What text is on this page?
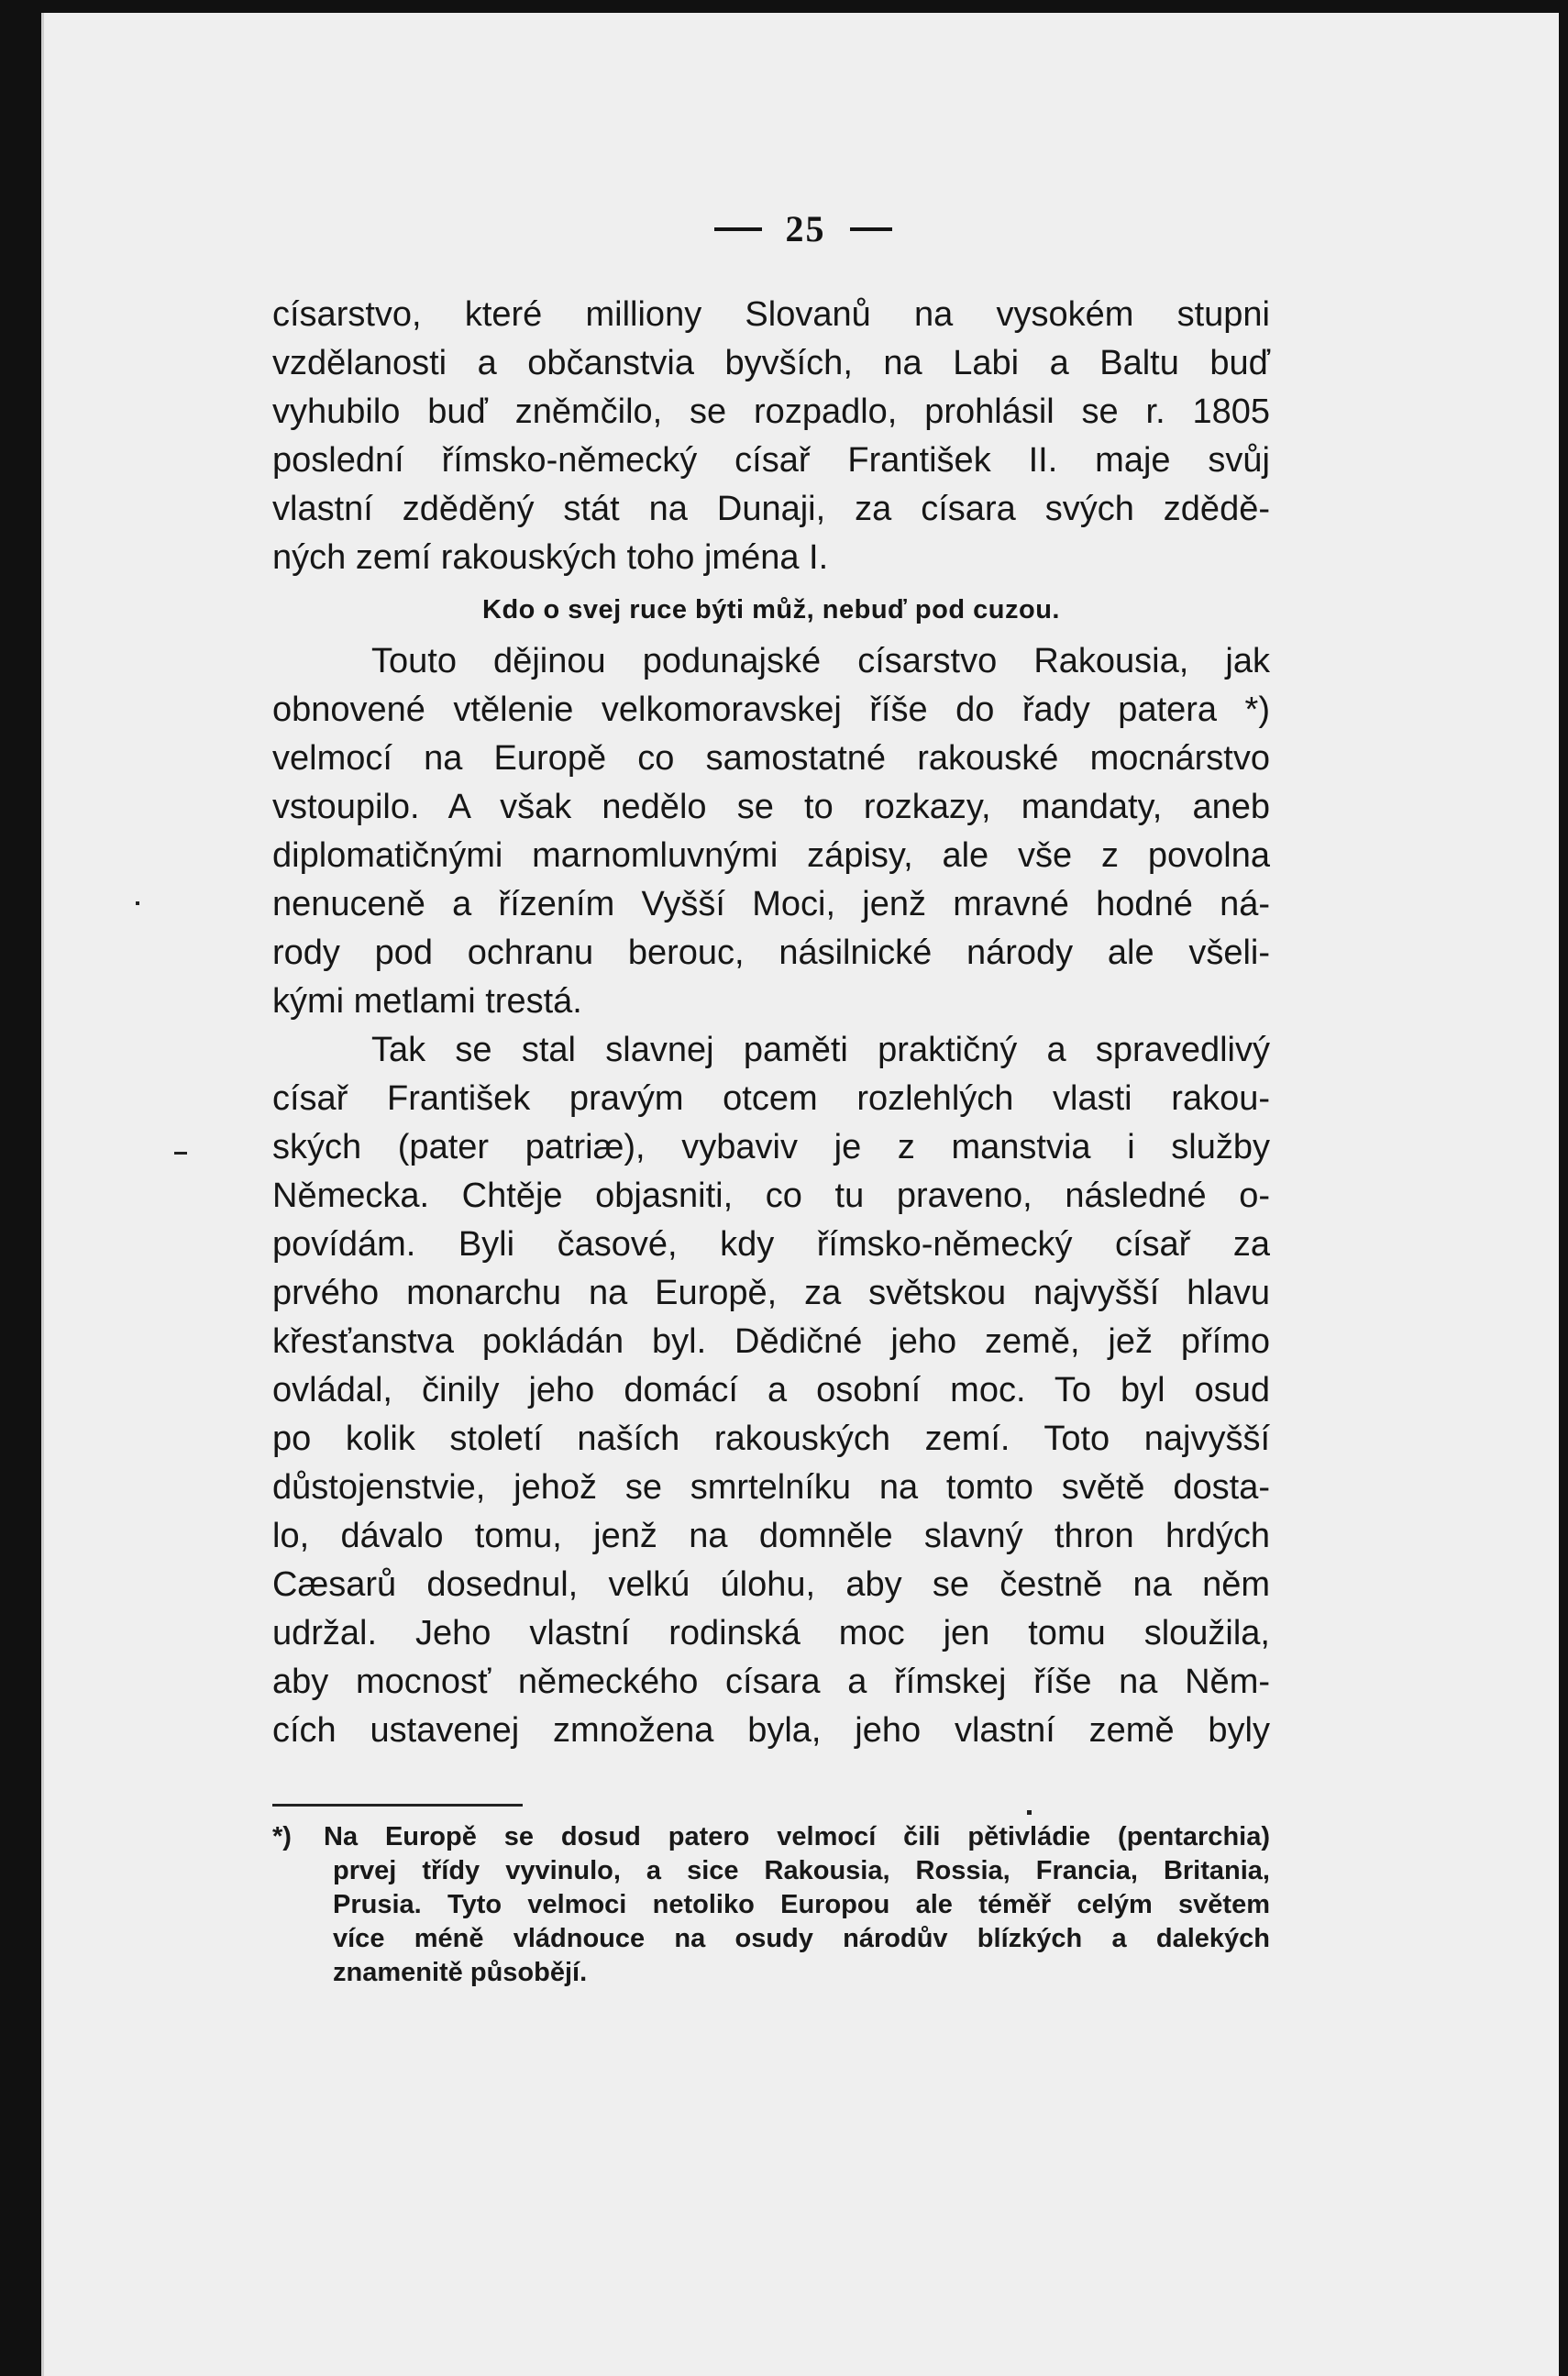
25
císarstvo, které milliony Slovanů na vysokém stupni
vzdělanosti a občanstvia byvších, na Labi a Baltu buď
vyhubilo buď zněmčilo, se rozpadlo, prohlásil se r. 1805
poslední římsko-německý císař František II. maje svůj
vlastní zděděný stát na Dunaji, za císara svých zdědě-
ných zemí rakouských toho jména I.
Kdo o svej ruce býti můž, nebuď pod cuzou.
Touto dějinou podunajské císarstvo Rakousia, jak
obnovené vtělenie velkomoravskej říše do řady patera *)
velmocí na Europě co samostatné rakouské mocnárstvo
vstoupilo. A však nedělo se to rozkazy, mandaty, aneb
diplomatičnými marnomluvnými zápisy, ale vše z povolna
nenuceně a řízením Vyšší Moci, jenž mravné hodné ná-
rody pod ochranu berouc, násilnické národy ale všeli-
kými metlami trestá.
Tak se stal slavnej paměti praktičný a spravedlivý
císař František pravým otcem rozlehlých vlasti rakou-
ských (pater patriæ), vybaviv je z manstvia i služby
Německa. Chtěje objasniti, co tu praveno, následné o-
povídám. Byli časové, kdy římsko-německý císař za
prvého monarchu na Europě, za světskou najvyšší hlavu
křesťanstva pokládán byl. Dědičné jeho země, jež přímo
ovládal, činily jeho domácí a osobní moc. To byl osud
po kolik století naších rakouských zemí. Toto najvyšší
důstojenstvie, jehož se smrtelníku na tomto světě dosta-
lo, dávalo tomu, jenž na domněle slavný thron hrdých
Cæsarů dosednul, velkú úlohu, aby se čestně na něm
udržal. Jeho vlastní rodinská moc jen tomu sloužila,
aby mocnosť německého císara a římskej říše na Něm-
cích ustavenej zmnožena byla, jeho vlastní země byly
*) Na Europě se dosud patero velmocí čili pětivládie (pentarchia)
prvej třídy vyvinulo, a sice Rakousia, Rossia, Francia, Britania,
Prusia. Tyto velmoci netoliko Europou ale téměř celým světem
více méně vládnouce na osudy národův blízkých a dalekých
znamenitě působějí.
